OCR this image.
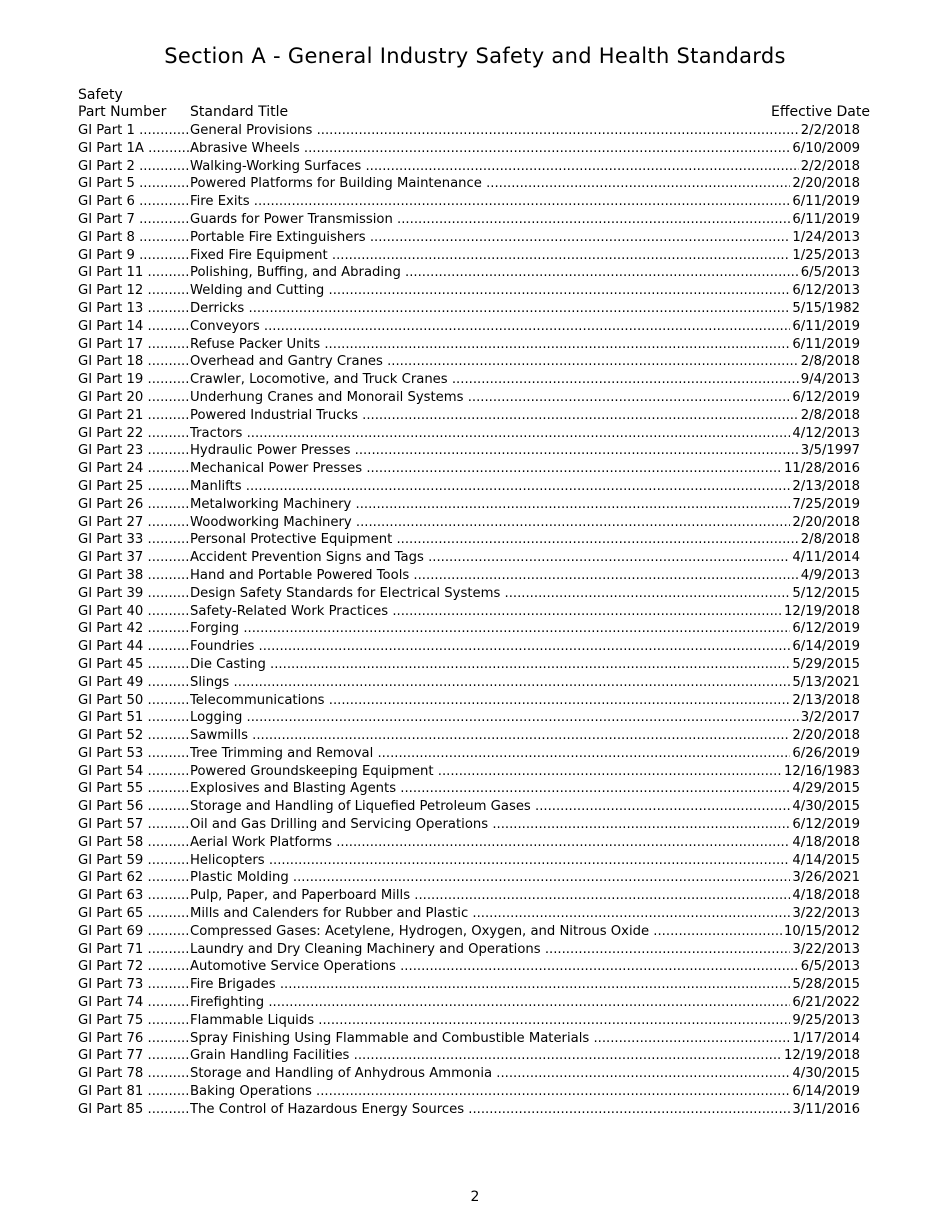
Section A - General Industry Safety and Health Standards
Safety
Part Number Standard Title	Effective Date
GI Part 1 .....	General Provisions .....	2/2/2018
GI Part 1A .....	Abrasive Wheels .....	6/10/2009
GI Part 2 .....	Walking-Working Surfaces .....	2/2/2018
GI Part 5 .....	Powered Platforms for Building Maintenance .....	2/20/2018
GI Part 6 .....	Fire Exits .....	6/11/2019
GI Part 7 .....	Guards for Power Transmission .....	6/11/2019
GI Part 8 .....	Portable Fire Extinguishers .....	1/24/2013
GI Part 9 .....	Fixed Fire Equipment .....	1/25/2013
GI Part 11 .....	Polishing, Buffing, and Abrading .....	6/5/2013
GI Part 12 .....	Welding and Cutting .....	6/12/2013
GI Part 13 .....	Derricks .....	5/15/1982
GI Part 14 .....	Conveyors .....	6/11/2019
GI Part 17 .....	Refuse Packer Units .....	6/11/2019
GI Part 18 .....	Overhead and Gantry Cranes .....	2/8/2018
GI Part 19 .....	Crawler, Locomotive, and Truck Cranes .....	9/4/2013
GI Part 20 .....	Underhung Cranes and Monorail Systems .....	6/12/2019
GI Part 21 .....	Powered Industrial Trucks .....	2/8/2018
GI Part 22 .....	Tractors .....	4/12/2013
GI Part 23 .....	Hydraulic Power Presses .....	3/5/1997
GI Part 24 .....	Mechanical Power Presses .....	11/28/2016
GI Part 25 .....	Manlifts .....	2/13/2018
GI Part 26 .....	Metalworking Machinery .....	7/25/2019
GI Part 27 .....	Woodworking Machinery .....	2/20/2018
GI Part 33 .....	Personal Protective Equipment .....	2/8/2018
GI Part 37 .....	Accident Prevention Signs and Tags .....	4/11/2014
GI Part 38 .....	Hand and Portable Powered Tools .....	4/9/2013
GI Part 39 .....	Design Safety Standards for Electrical Systems .....	5/12/2015
GI Part 40 .....	Safety-Related Work Practices .....	12/19/2018
GI Part 42 .....	Forging .....	6/12/2019
GI Part 44 .....	Foundries .....	6/14/2019
GI Part 45 .....	Die Casting .....	5/29/2015
GI Part 49 .....	Slings .....	5/13/2021
GI Part 50 .....	Telecommunications .....	2/13/2018
GI Part 51 .....	Logging .....	3/2/2017
GI Part 52 .....	Sawmills .....	2/20/2018
GI Part 53 .....	Tree Trimming and Removal .....	6/26/2019
GI Part 54 .....	Powered Groundskeeping Equipment .....	12/16/1983
GI Part 55 .....	Explosives and Blasting Agents .....	4/29/2015
GI Part 56 .....	Storage and Handling of Liquefied Petroleum Gases .....	4/30/2015
GI Part 57 .....	Oil and Gas Drilling and Servicing Operations .....	6/12/2019
GI Part 58 .....	Aerial Work Platforms .....	4/18/2018
GI Part 59 .....	Helicopters .....	4/14/2015
GI Part 62 .....	Plastic Molding .....	3/26/2021
GI Part 63 .....	Pulp, Paper, and Paperboard Mills .....	4/18/2018
GI Part 65 .....	Mills and Calenders for Rubber and Plastic .....	3/22/2013
GI Part 69 .....	Compressed Gases: Acetylene, Hydrogen, Oxygen, and Nitrous Oxide .....	10/15/2012
GI Part 71 .....	Laundry and Dry Cleaning Machinery and Operations .....	3/22/2013
GI Part 72 .....	Automotive Service Operations .....	6/5/2013
GI Part 73 .....	Fire Brigades .....	5/28/2015
GI Part 74 .....	Firefighting .....	6/21/2022
GI Part 75 .....	Flammable Liquids .....	9/25/2013
GI Part 76 .....	Spray Finishing Using Flammable and Combustible Materials .....	1/17/2014
GI Part 77 .....	Grain Handling Facilities .....	12/19/2018
GI Part 78 .....	Storage and Handling of Anhydrous Ammonia .....	4/30/2015
GI Part 81 .....	Baking Operations .....	6/14/2019
GI Part 85 .....	The Control of Hazardous Energy Sources .....	3/11/2016
2
